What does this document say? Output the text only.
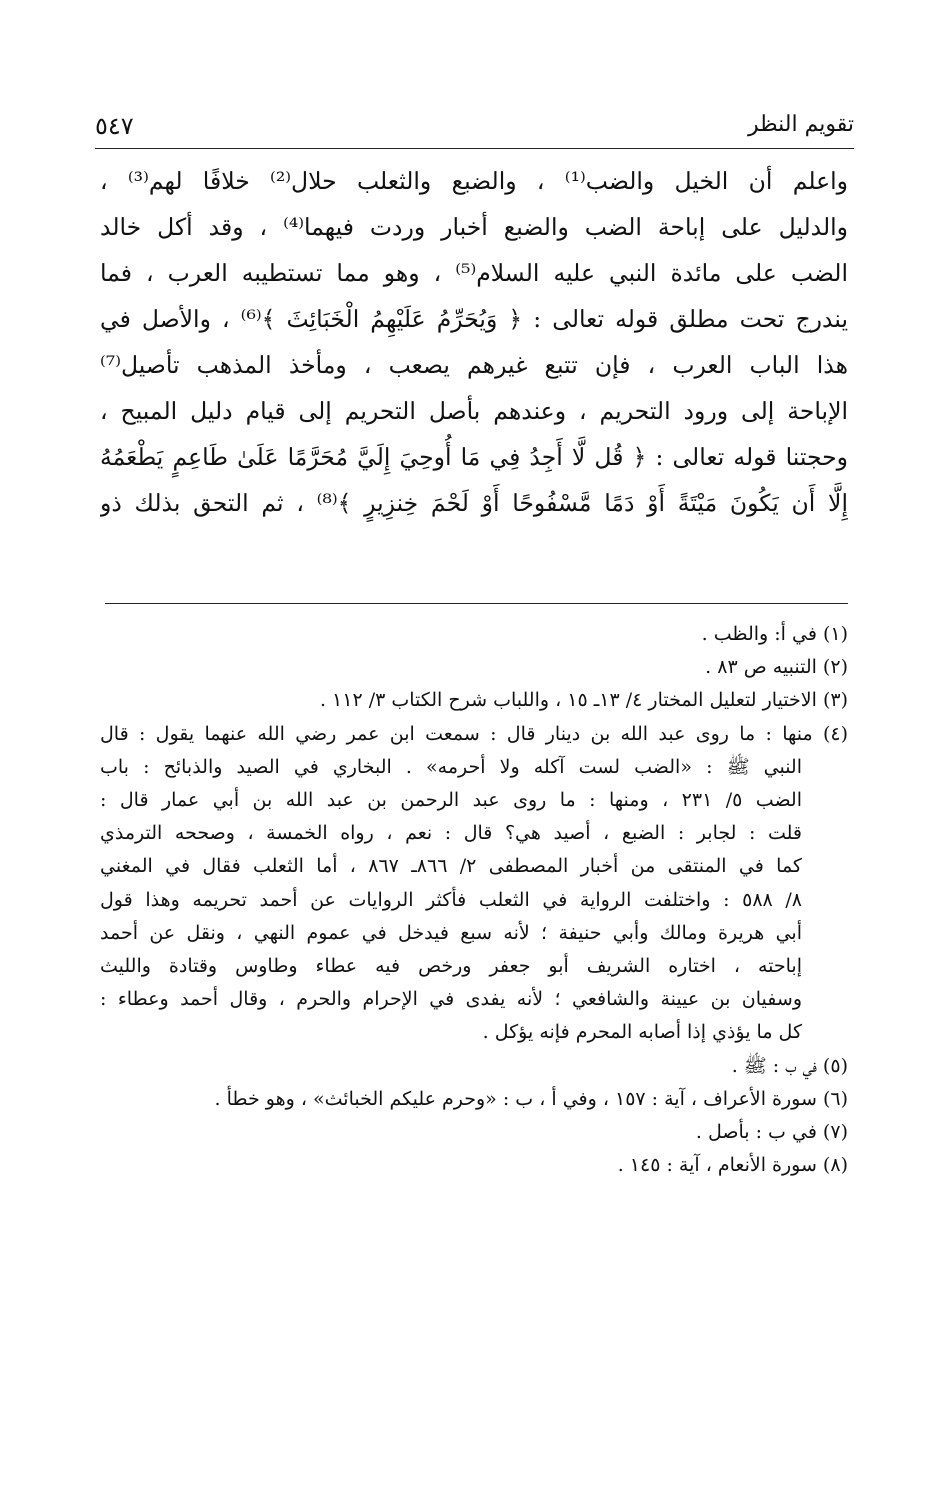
تقويم النظر
٥٤٧
واعلم أن الخيل والضب⁽¹⁾ ، والضبع والثعلب حلال⁽²⁾ خلافًا لهم⁽³⁾ ،
والدليل على إباحة الضب والضبع أخبار وردت فيهما⁽⁴⁾ ، وقد أكل خالد
الضب على مائدة النبي عليه السلام⁽⁵⁾ ، وهو مما تستطيبه العرب ، فما
يندرج تحت مطلق قوله تعالى : ﴿ وَيُحَرِّمُ عَلَيْهِمُ الْخَبَائِثَ ﴾⁽⁶⁾ ، والأصل في
هذا الباب العرب ، فإن تتبع غيرهم يصعب ، ومأخذ المذهب تأصيل⁽⁷⁾
الإباحة إلى ورود التحريم ، وعندهم بأصل التحريم إلى قيام دليل المبيح ،
وحجتنا قوله تعالى : ﴿ قُل لَّا أَجِدُ فِي مَا أُوحِيَ إِلَيَّ مُحَرَّمًا عَلَىٰ طَاعِمٍ يَطْعَمُهُ
إِلَّا أَن يَكُونَ مَيْتَةً أَوْ دَمًا مَّسْفُوحًا أَوْ لَحْمَ خِنزِيرٍ ﴾⁽⁸⁾ ، ثم التحق بذلك ذو
(١) في أ: والظب .
(٢) التنبيه ص ٨٣ .
(٣) الاختيار لتعليل المختار ٤/ ١٣ـ ١٥ ، واللباب شرح الكتاب ٣/ ١١٢ .
(٤) منها : ما روى عبد الله بن دينار قال : سمعت ابن عمر رضي الله عنهما يقول : قال
النبي ﷺ : «الضب لست آكله ولا أحرمه» . البخاري في الصيد والذبائح : باب
الضب ٥/ ٢٣١ ، ومنها : ما روى عبد الرحمن بن عبد الله بن أبي عمار قال :
قلت : لجابر : الضبع ، أصيد هي؟ قال : نعم ، رواه الخمسة ، وصححه الترمذي
كما في المنتقى من أخبار المصطفى ٢/ ٨٦٦ـ ٨٦٧ ، أما الثعلب فقال في المغني
٨/ ٥٨٨ : واختلفت الرواية في الثعلب فأكثر الروايات عن أحمد تحريمه وهذا قول
أبي هريرة ومالك وأبي حنيفة ؛ لأنه سبع فيدخل في عموم النهي ، ونقل عن أحمد
إباحته ، اختاره الشريف أبو جعفر ورخص فيه عطاء وطاوس وقتادة والليث
وسفيان بن عيينة والشافعي ؛ لأنه يفدى في الإحرام والحرم ، وقال أحمد وعطاء :
كل ما يؤذي إذا أصابه المحرم فإنه يؤكل .
(٥) في ب : ﷺ .
(٦) سورة الأعراف ، آية : ١٥٧ ، وفي أ ، ب : «وحرم عليكم الخبائث» ، وهو خطأ .
(٧) في ب : بأصل .
(٨) سورة الأنعام ، آية : ١٤٥ .
